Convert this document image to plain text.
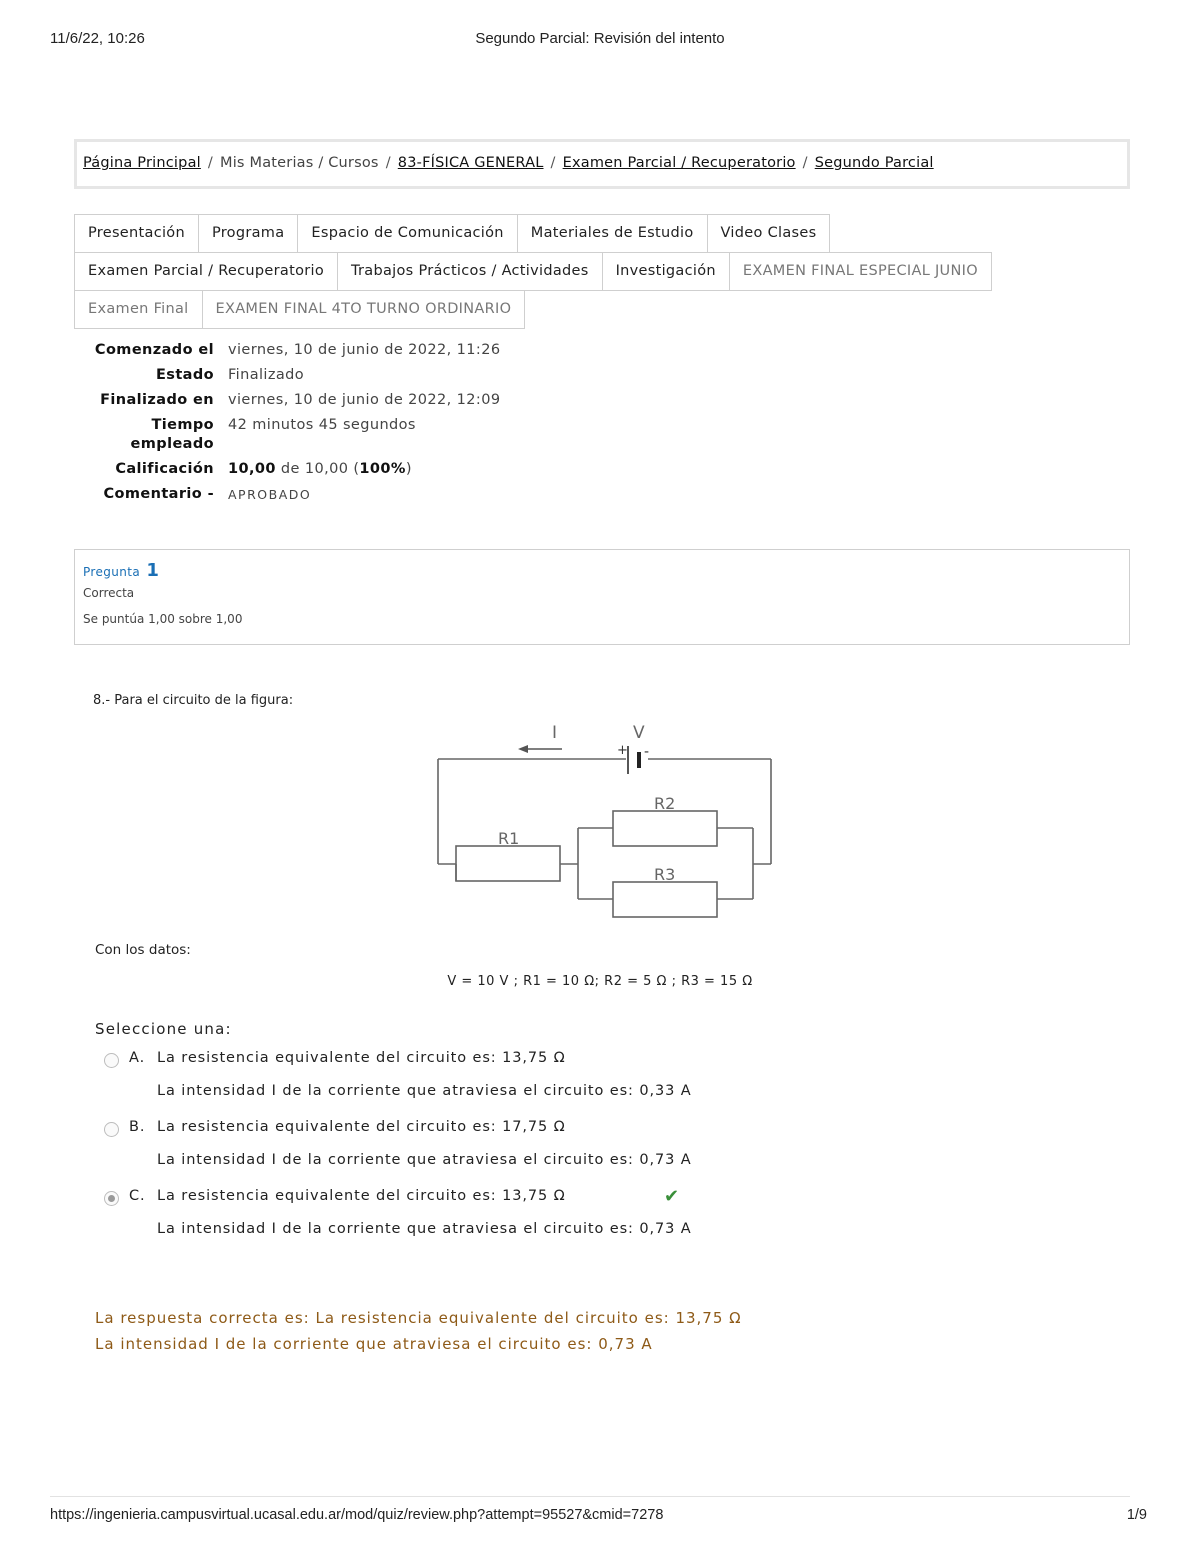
11/6/22, 10:26	Segundo Parcial: Revisión del intento
Página Principal / Mis Materias / Cursos / 83-FÍSICA GENERAL / Examen Parcial / Recuperatorio / Segundo Parcial
Presentación	Programa	Espacio de Comunicación	Materiales de Estudio	Video Clases
Examen Parcial / Recuperatorio	Trabajos Prácticos / Actividades	Investigación	EXAMEN FINAL ESPECIAL JUNIO
Examen Final	EXAMEN FINAL 4TO TURNO ORDINARIO
Comenzado el viernes, 10 de junio de 2022, 11:26
Estado Finalizado
Finalizado en viernes, 10 de junio de 2022, 12:09
Tiempo
empleado
42 minutos 45 segundos
Calificación 10,00 de 10,00 (100%)
Comentario -	APROBADO
Pregunta 1
Correcta
Se puntúa 1,00 sobre 1,00
8.- Para el circuito de la figura:
I	V
+ -
R1
R2
R3
Con los datos:
V = 10 V ; R1 = 10 Ω; R2 = 5 Ω ; R3 = 15 Ω
Seleccione una:
A. La resistencia equivalente del circuito es: 13,75 Ω
La intensidad I de la corriente que atraviesa el circuito es: 0,33 A
B. La resistencia equivalente del circuito es: 17,75 Ω
La intensidad I de la corriente que atraviesa el circuito es: 0,73 A
C. La resistencia equivalente del circuito es: 13,75 Ω	✔
La intensidad I de la corriente que atraviesa el circuito es: 0,73 A
La respuesta correcta es: La resistencia equivalente del circuito es: 13,75 Ω
La intensidad I de la corriente que atraviesa el circuito es: 0,73 A
https://ingenieria.campusvirtual.ucasal.edu.ar/mod/quiz/review.php?attempt=95527&cmid=7278	1/9
